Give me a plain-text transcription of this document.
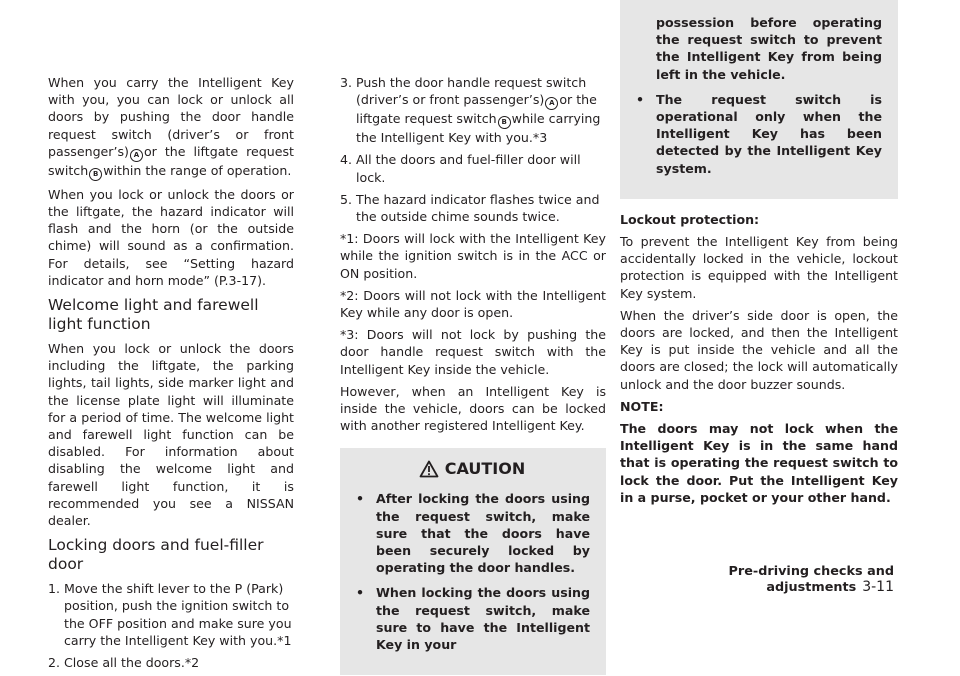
When you carry the Intelligent Key with you, you can lock or unlock all doors by pushing the door handle request switch (driver’s or front passenger’s) A or the liftgate request switch B within the range of operation.

When you lock or unlock the doors or the liftgate, the hazard indicator will flash and the horn (or the outside chime) will sound as a confirmation. For details, see “Setting hazard indicator and horn mode” (P.3-17).

Welcome light and farewell light function

When you lock or unlock the doors including the liftgate, the parking lights, tail lights, side marker light and the license plate light will illuminate for a period of time. The welcome light and farewell light function can be disabled. For information about disabling the welcome light and farewell light function, it is recommended you see a NISSAN dealer.

Locking doors and fuel-filler door
1. Move the shift lever to the P (Park) position, push the ignition switch to the OFF position and make sure you carry the Intelligent Key with you.*1
2. Close all the doors.*2
3. Push the door handle request switch (driver’s or front passenger’s) A or the liftgate request switch B while carrying the Intelligent Key with you.*3
4. All the doors and fuel-filler door will lock.
5. The hazard indicator flashes twice and the outside chime sounds twice.

*1: Doors will lock with the Intelligent Key while the ignition switch is in the ACC or ON position.

*2: Doors will not lock with the Intelligent Key while any door is open.

*3: Doors will not lock by pushing the door handle request switch with the Intelligent Key inside the vehicle.

However, when an Intelligent Key is inside the vehicle, doors can be locked with another registered Intelligent Key.

CAUTION
• After locking the doors using the request switch, make sure that the doors have been securely locked by operating the door handles.
• When locking the doors using the request switch, make sure to have the Intelligent Key in your
possession before operating the request switch to prevent the Intelligent Key from being left in the vehicle.
• The request switch is operational only when the Intelligent Key has been detected by the Intelligent Key system.

Lockout protection:

To prevent the Intelligent Key from being accidentally locked in the vehicle, lockout protection is equipped with the Intelligent Key system.

When the driver’s side door is open, the doors are locked, and then the Intelligent Key is put inside the vehicle and all the doors are closed; the lock will automatically unlock and the door buzzer sounds.

NOTE:

The doors may not lock when the Intelligent Key is in the same hand that is operating the request switch to lock the door. Put the Intelligent Key in a purse, pocket or your other hand.

Pre-driving checks and adjustments 3-11
